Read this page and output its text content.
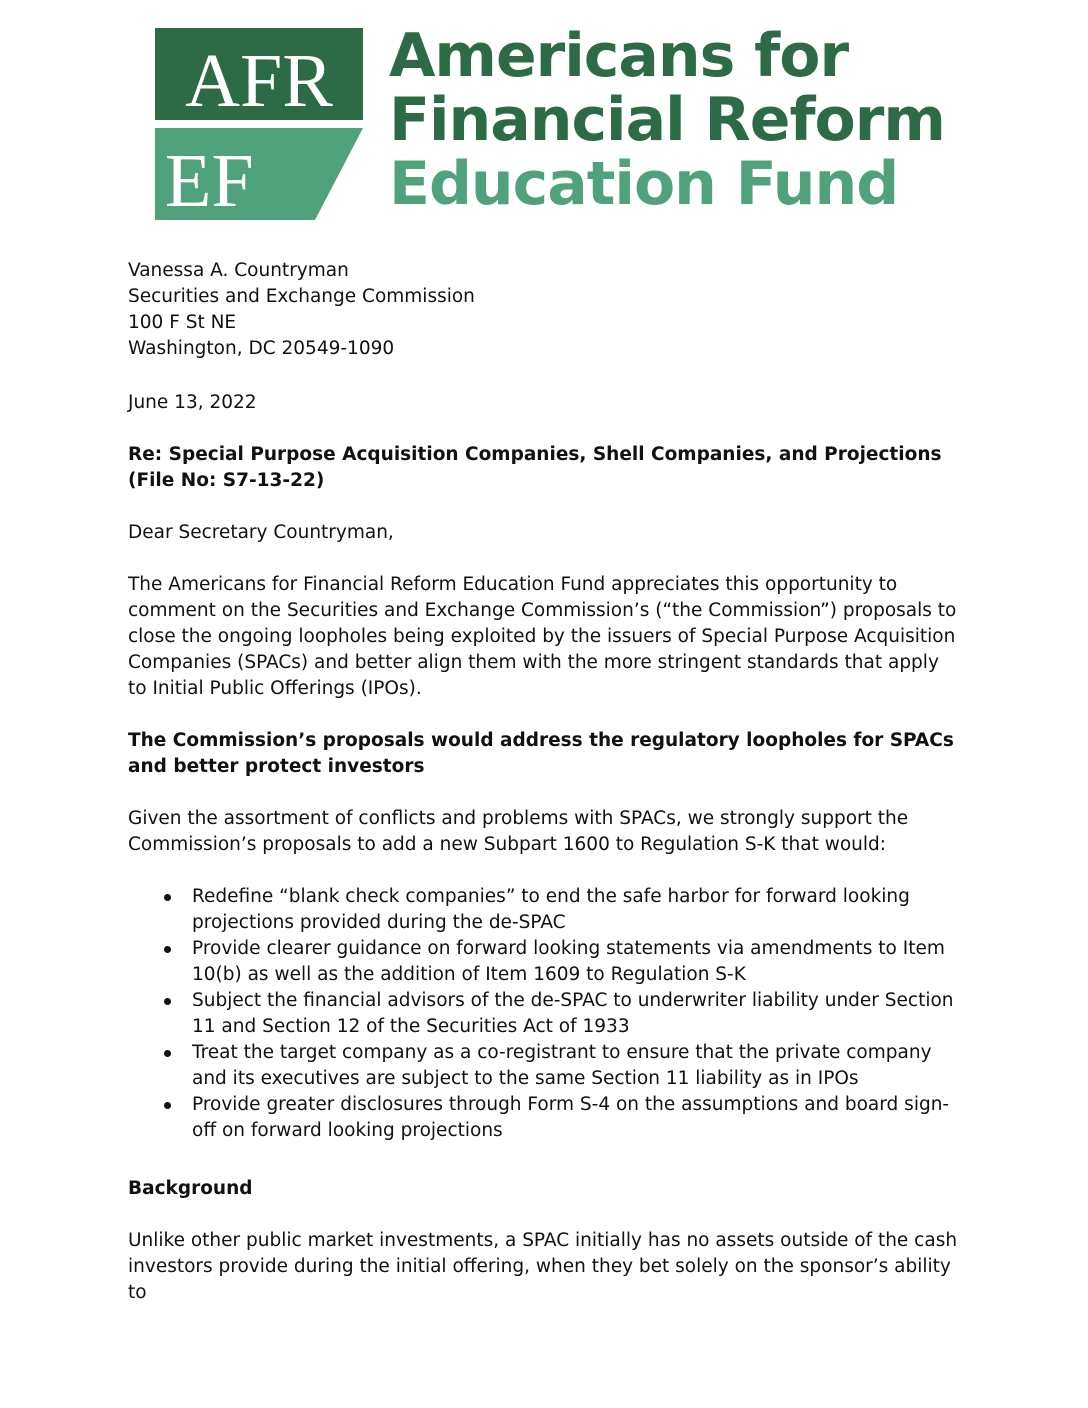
AFR
EF
Americans for
Financial Reform
Education Fund
Vanessa A. Countryman
Securities and Exchange Commission
100 F St NE
Washington, DC 20549-1090
June 13, 2022
Re: Special Purpose Acquisition Companies, Shell Companies, and Projections (File No: S7-13-22)
Dear Secretary Countryman,
The Americans for Financial Reform Education Fund appreciates this opportunity to comment on the Securities and Exchange Commission’s (“the Commission”) proposals to close the ongoing loopholes being exploited by the issuers of Special Purpose Acquisition Companies (SPACs) and better align them with the more stringent standards that apply to Initial Public Offerings (IPOs).
The Commission’s proposals would address the regulatory loopholes for SPACs and better protect investors
Given the assortment of conflicts and problems with SPACs, we strongly support the Commission’s proposals to add a new Subpart 1600 to Regulation S-K that would:
Redefine “blank check companies” to end the safe harbor for forward looking projections provided during the de-SPAC
Provide clearer guidance on forward looking statements via amendments to Item 10(b) as well as the addition of Item 1609 to Regulation S-K
Subject the financial advisors of the de-SPAC to underwriter liability under Section 11 and Section 12 of the Securities Act of 1933
Treat the target company as a co-registrant to ensure that the private company and its executives are subject to the same Section 11 liability as in IPOs
Provide greater disclosures through Form S-4 on the assumptions and board sign-off on forward looking projections
Background
Unlike other public market investments, a SPAC initially has no assets outside of the cash investors provide during the initial offering, when they bet solely on the sponsor’s ability to
